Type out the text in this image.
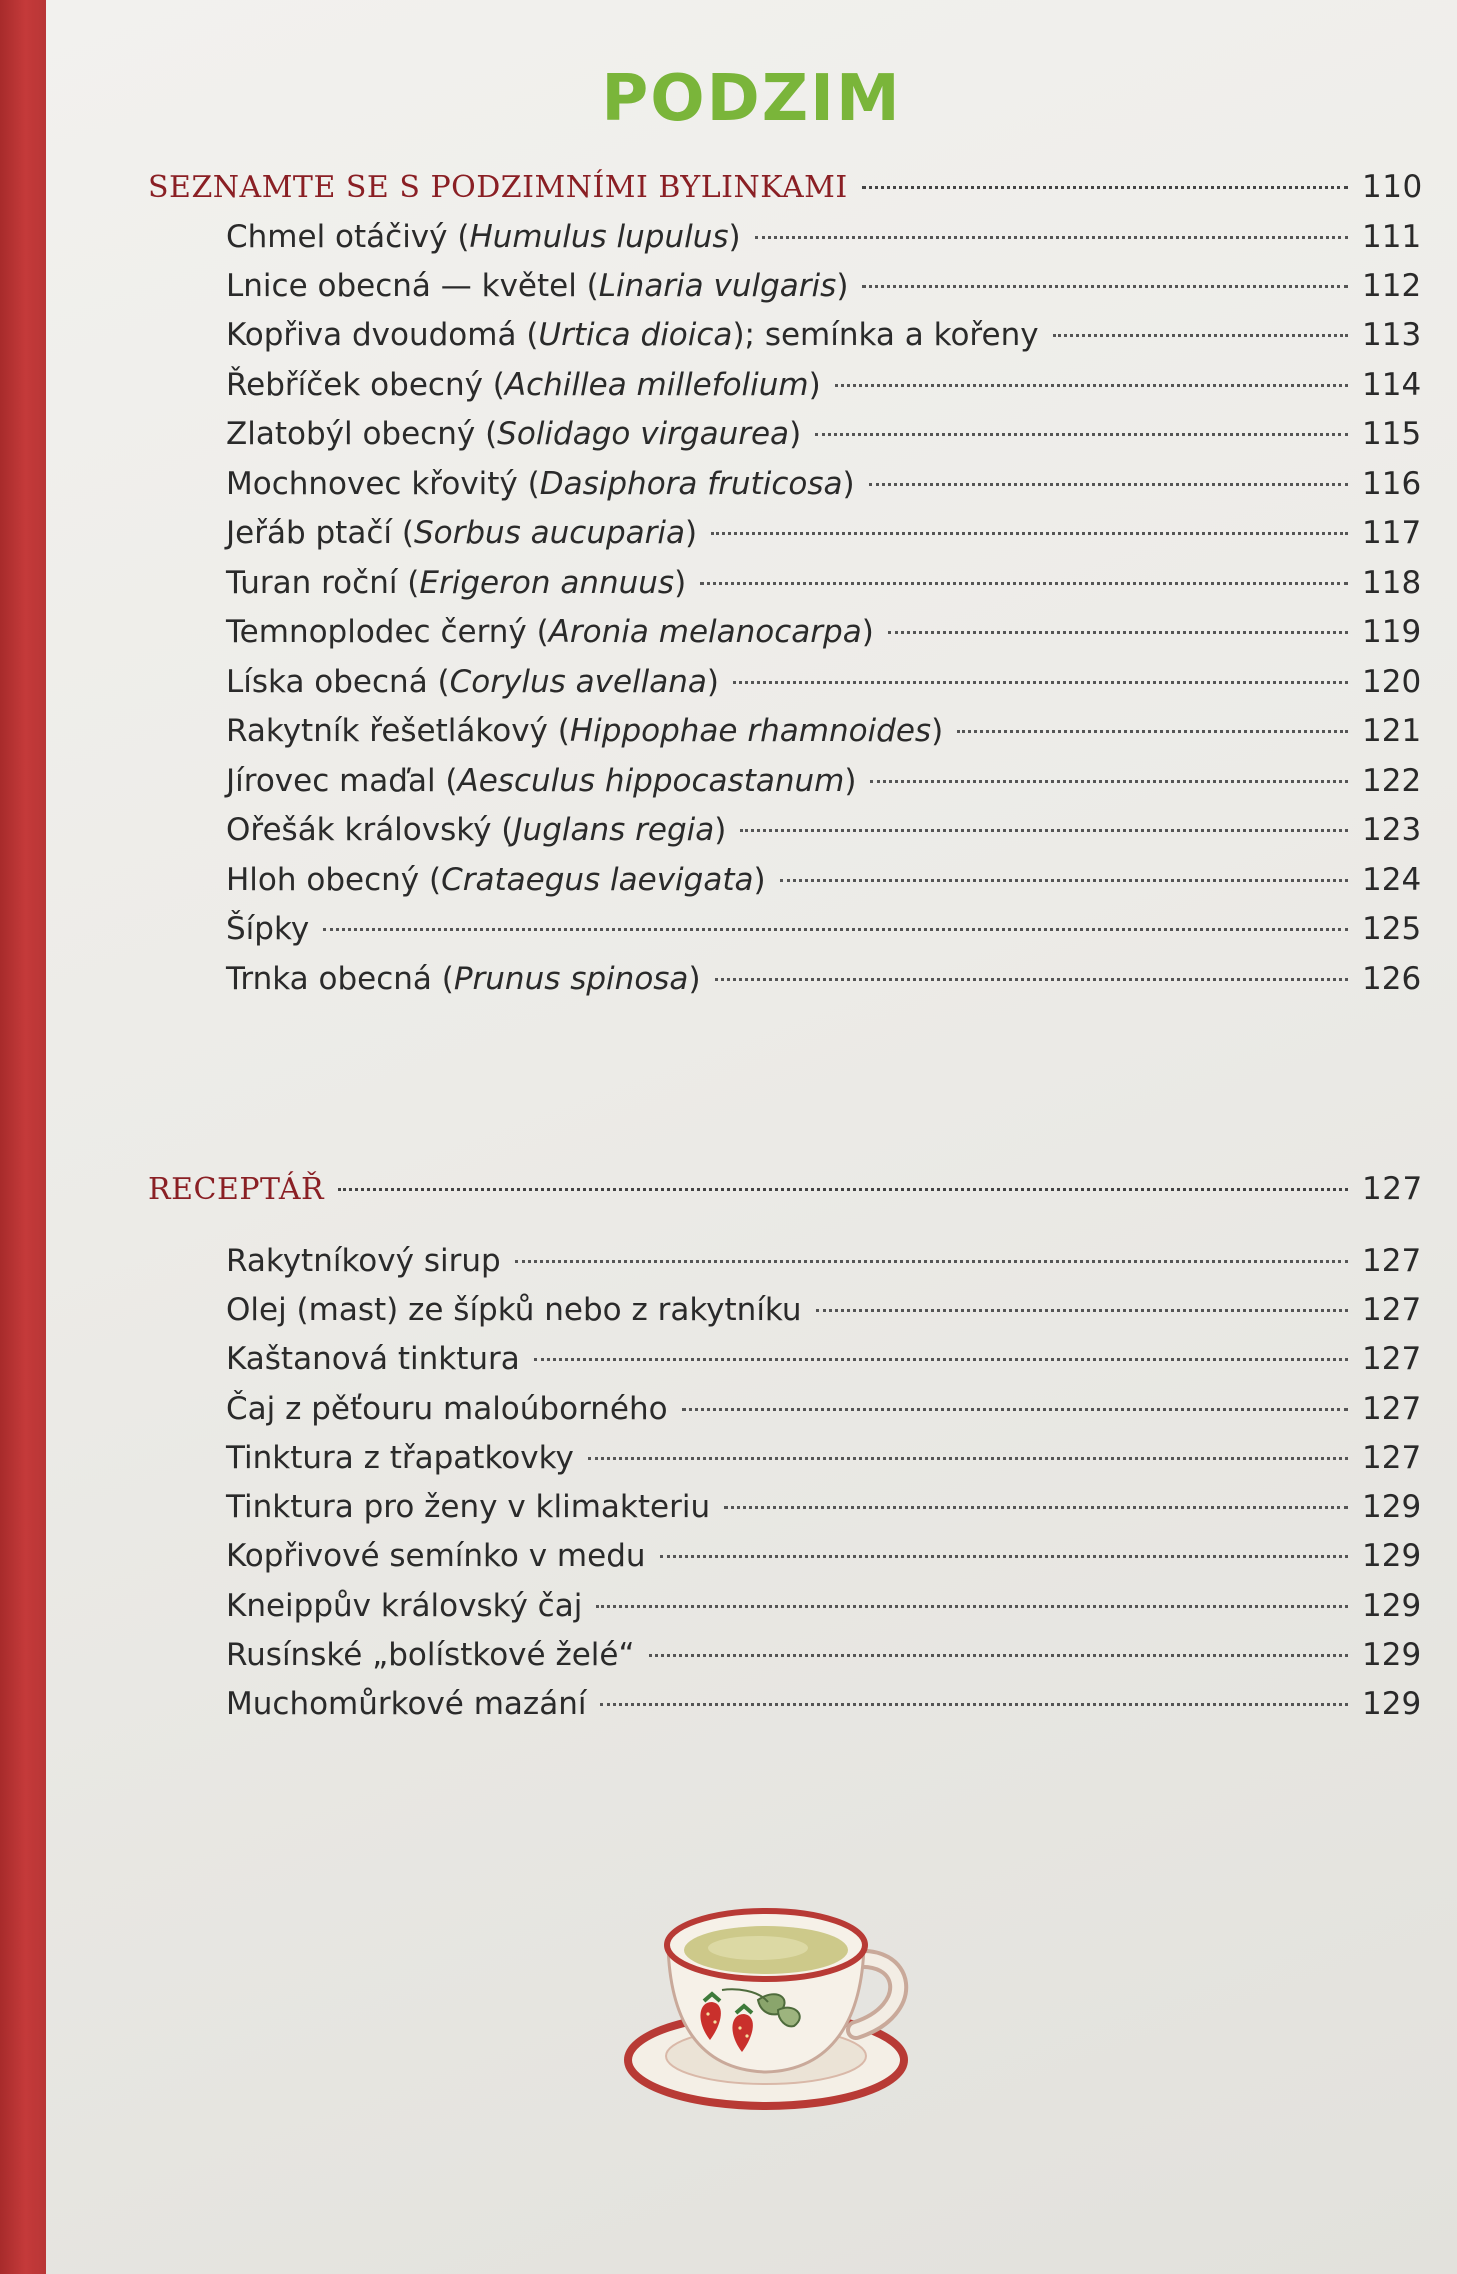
PODZIM
SEZNAMTE SE S PODZIMNÍMI BYLINKAMI	110
Chmel otáčivý (Humulus lupulus)	111
Lnice obecná — květel (Linaria vulgaris)	112
Kopřiva dvoudomá (Urtica dioica); semínka a kořeny	113
Řebříček obecný (Achillea millefolium)	114
Zlatobýl obecný (Solidago virgaurea)	115
Mochnovec křovitý (Dasiphora fruticosa)	116
Jeřáb ptačí (Sorbus aucuparia)	117
Turan roční (Erigeron annuus)	118
Temnoplodec černý (Aronia melanocarpa)	119
Líska obecná (Corylus avellana)	120
Rakytník řešetlákový (Hippophae rhamnoides)	121
Jírovec maďal (Aesculus hippocastanum)	122
Ořešák královský (Juglans regia)	123
Hloh obecný (Crataegus laevigata)	124
Šípky	125
Trnka obecná (Prunus spinosa)	126
RECEPTÁŘ	127
Rakytníkový sirup	127
Olej (mast) ze šípků nebo z rakytníku	127
Kaštanová tinktura	127
Čaj z pěťouru maloúborného	127
Tinktura z třapatkovky	127
Tinktura pro ženy v klimakteriu	129
Kopřivové semínko v medu	129
Kneippův královský čaj	129
Rusínské „bolístkové želé“	129
Muchomůrkové mazání	129
